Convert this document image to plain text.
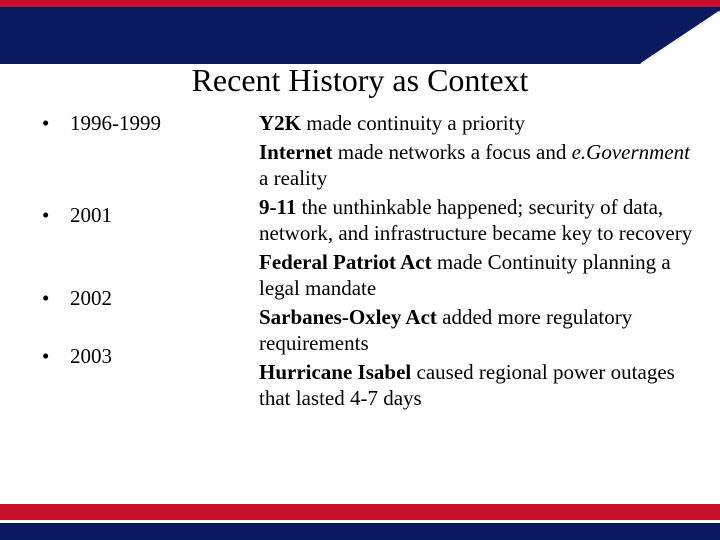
★ ★ ★
Recent History as Context
• 1996-1999
• 2001
• 2002
• 2003
Y2K made continuity a priority
Internet made networks a focus and e.Government a reality
9-11 the unthinkable happened; security of data, network, and infrastructure became key to recovery
Federal Patriot Act made Continuity planning a legal mandate
Sarbanes-Oxley Act added more regulatory requirements
Hurricane Isabel caused regional power outages that lasted 4-7 days
